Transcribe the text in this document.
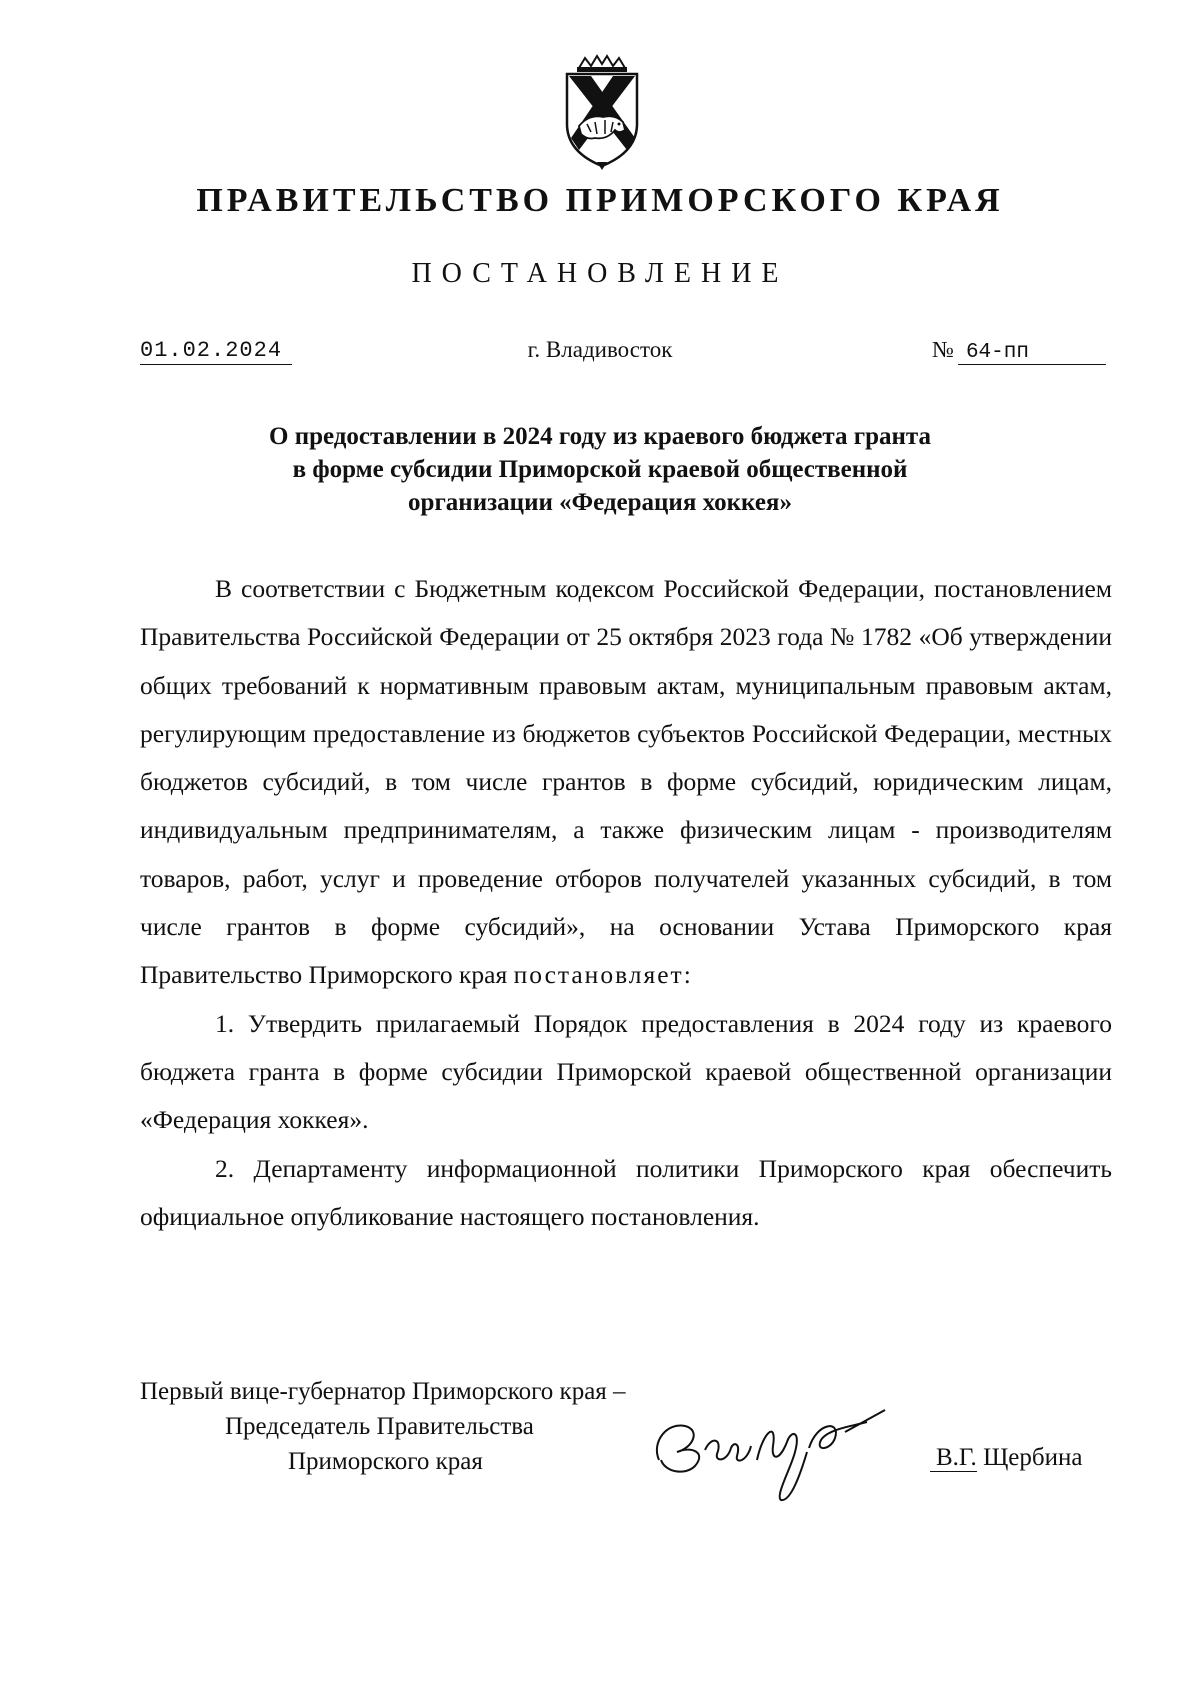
ПРАВИТЕЛЬСТВО ПРИМОРСКОГО КРАЯ
ПОСТАНОВЛЕНИЕ
01.02.2024	г. Владивосток	№ 64-пп
О предоставлении в 2024 году из краевого бюджета гранта
в форме субсидии Приморской краевой общественной
организации «Федерация хоккея»

В соответствии с Бюджетным кодексом Российской Федерации, постановлением Правительства Российской Федерации от 25 октября 2023 года № 1782 «Об утверждении общих требований к нормативным правовым актам, муниципальным правовым актам, регулирующим предоставление из бюджетов субъектов Российской Федерации, местных бюджетов субсидий, в том числе грантов в форме субсидий, юридическим лицам, индивидуальным предпринимателям, а также физическим лицам - производителям товаров, работ, услуг и проведение отборов получателей указанных субсидий, в том числе грантов в форме субсидий», на основании Устава Приморского края Правительство Приморского края постановляет:

1. Утвердить прилагаемый Порядок предоставления в 2024 году из краевого бюджета гранта в форме субсидии Приморской краевой общественной организации «Федерация хоккея».

2. Департаменту информационной политики Приморского края обеспечить официальное опубликование настоящего постановления.

Первый вице-губернатор Приморского края –
Председатель Правительства
Приморского края	В.Г. Щербина
